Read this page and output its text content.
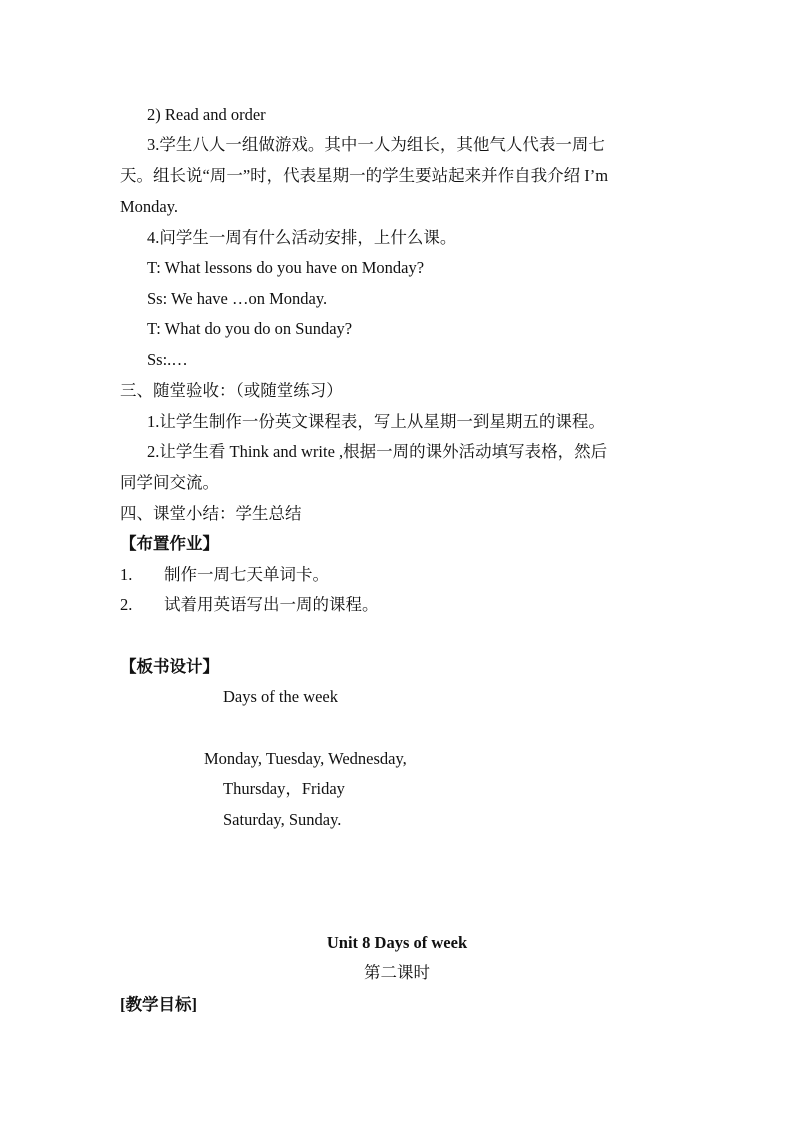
2) Read and order
3.学生八人一组做游戏。其中一人为组长，其他气人代表一周七
天。组长说“周一”时，代表星期一的学生要站起来并作自我介绍 I’m
Monday.
4.问学生一周有什么活动安排，上什么课。
T: What lessons do you have on Monday?
Ss: We have …on Monday.
T: What do you do on Sunday?
Ss:.…
三、随堂验收：（或随堂练习）
1.让学生制作一份英文课程表，写上从星期一到星期五的课程。
2.让学生看 Think and write ,根据一周的课外活动填写表格，然后
同学间交流。
四、课堂小结：学生总结
【布置作业】
1. 制作一周七天单词卡。
2. 试着用英语写出一周的课程。
【板书设计】
Days of the week
Monday, Tuesday, Wednesday,
Thursday，Friday
Saturday, Sunday.
Unit 8 Days of week
第二课时
[教学目标]
